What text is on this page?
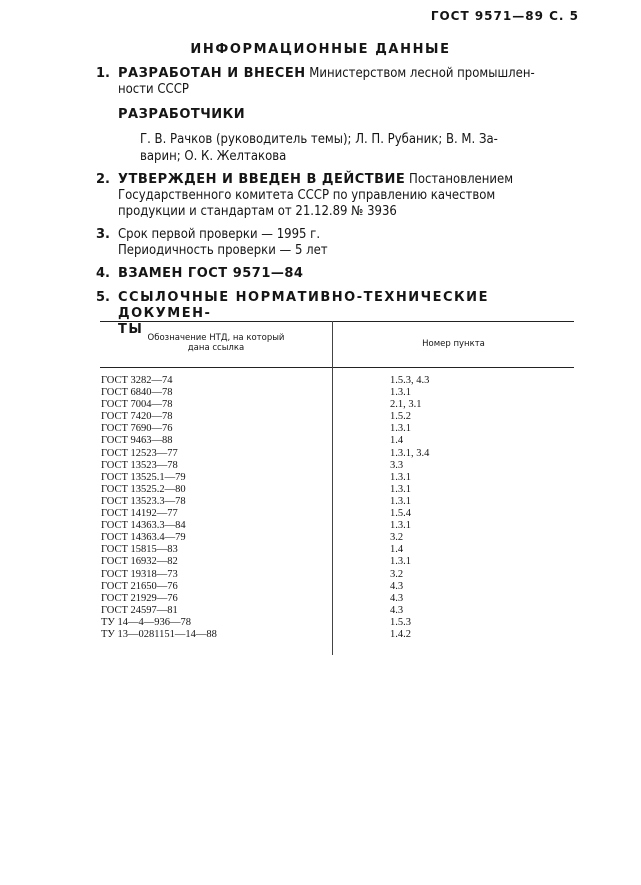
ГОСТ 9571—89 С. 5
ИНФОРМАЦИОННЫЕ ДАННЫЕ
1. РАЗРАБОТАН И ВНЕСЕН Министерством лесной промышлен-
ности СССР
РАЗРАБОТЧИКИ
Г. В. Рачков (руководитель темы); Л. П. Рубаник; В. М. За-
варин; О. К. Желтакова
2. УТВЕРЖДЕН И ВВЕДЕН В ДЕЙСТВИЕ Постановлением
Государственного комитета СССР по управлению качеством
продукции и стандартам от 21.12.89 № 3936
3. Срок первой проверки — 1995 г.
Периодичность проверки — 5 лет
4. ВЗАМЕН ГОСТ 9571—84
5. ССЫЛОЧНЫЕ НОРМАТИВНО-ТЕХНИЧЕСКИЕ ДОКУМЕН-
ТЫ
Обозначение НТД, на который
дана ссылка	Номер пункта
ГОСТ 3282—74	1.5.3, 4.3
ГОСТ 6840—78	1.3.1
ГОСТ 7004—78	2.1, 3.1
ГОСТ 7420—78	1.5.2
ГОСТ 7690—76	1.3.1
ГОСТ 9463—88	1.4
ГОСТ 12523—77	1.3.1, 3.4
ГОСТ 13523—78	3.3
ГОСТ 13525.1—79	1.3.1
ГОСТ 13525.2—80	1.3.1
ГОСТ 13523.3—78	1.3.1
ГОСТ 14192—77	1.5.4
ГОСТ 14363.3—84	1.3.1
ГОСТ 14363.4—79	3.2
ГОСТ 15815—83	1.4
ГОСТ 16932—82	1.3.1
ГОСТ 19318—73	3.2
ГОСТ 21650—76	4.3
ГОСТ 21929—76	4.3
ГОСТ 24597—81	4.3
ТУ 14—4—936—78	1.5.3
ТУ 13—0281151—14—88	1.4.2
